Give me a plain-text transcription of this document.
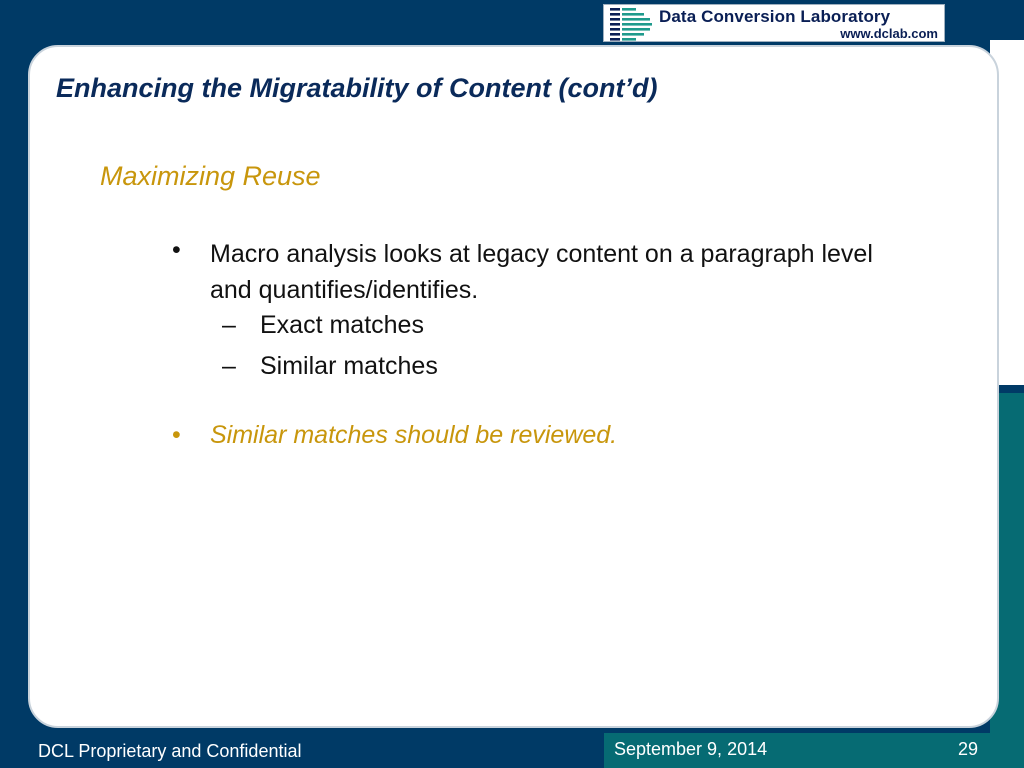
Data Conversion Laboratory
www.dclab.com
Enhancing the Migratability of Content (cont’d)
Maximizing Reuse
• Macro analysis looks at legacy content on a paragraph level and quantifies/identifies.
– Exact matches
– Similar matches
• Similar matches should be reviewed.
DCL Proprietary and Confidential	September 9, 2014	29
